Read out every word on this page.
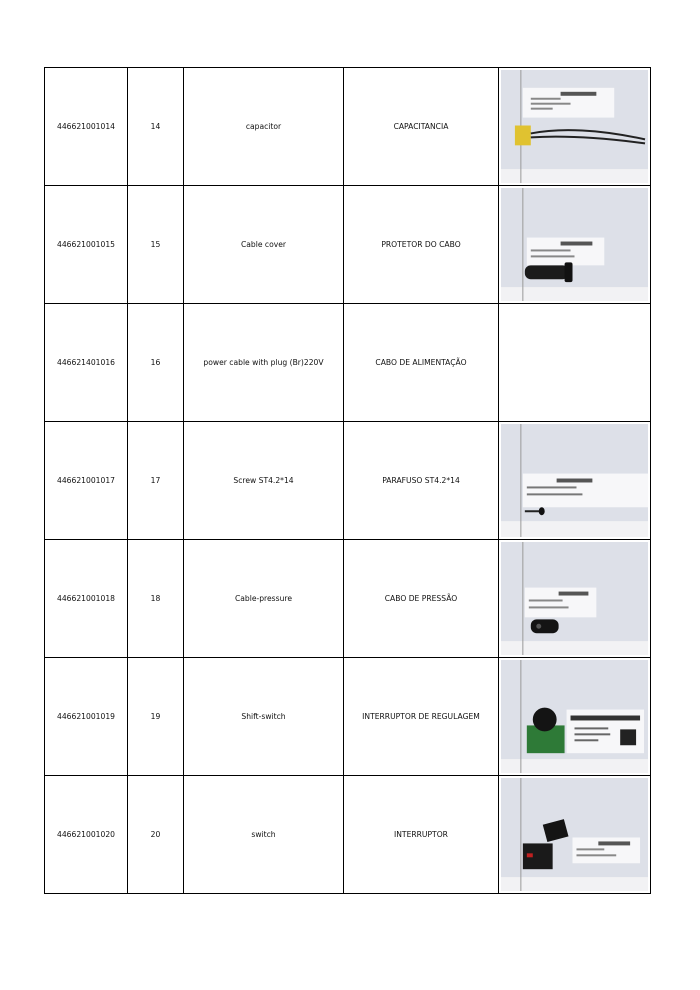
446621001014	14	capacitor	CAPACITANCIA	

446621001015	15	Cable cover	PROTETOR DO CABO	

446621401016	16	power cable with plug (Br)220V	CABO DE ALIMENTAÇÃO	
446621001017	17	Screw ST4.2*14	PARAFUSO ST4.2*14	

446621001018	18	Cable-pressure	CABO DE PRESSÃO	

446621001019	19	Shift-switch	INTERRUPTOR DE REGULAGEM	

446621001020	20	switch	INTERRUPTOR	
